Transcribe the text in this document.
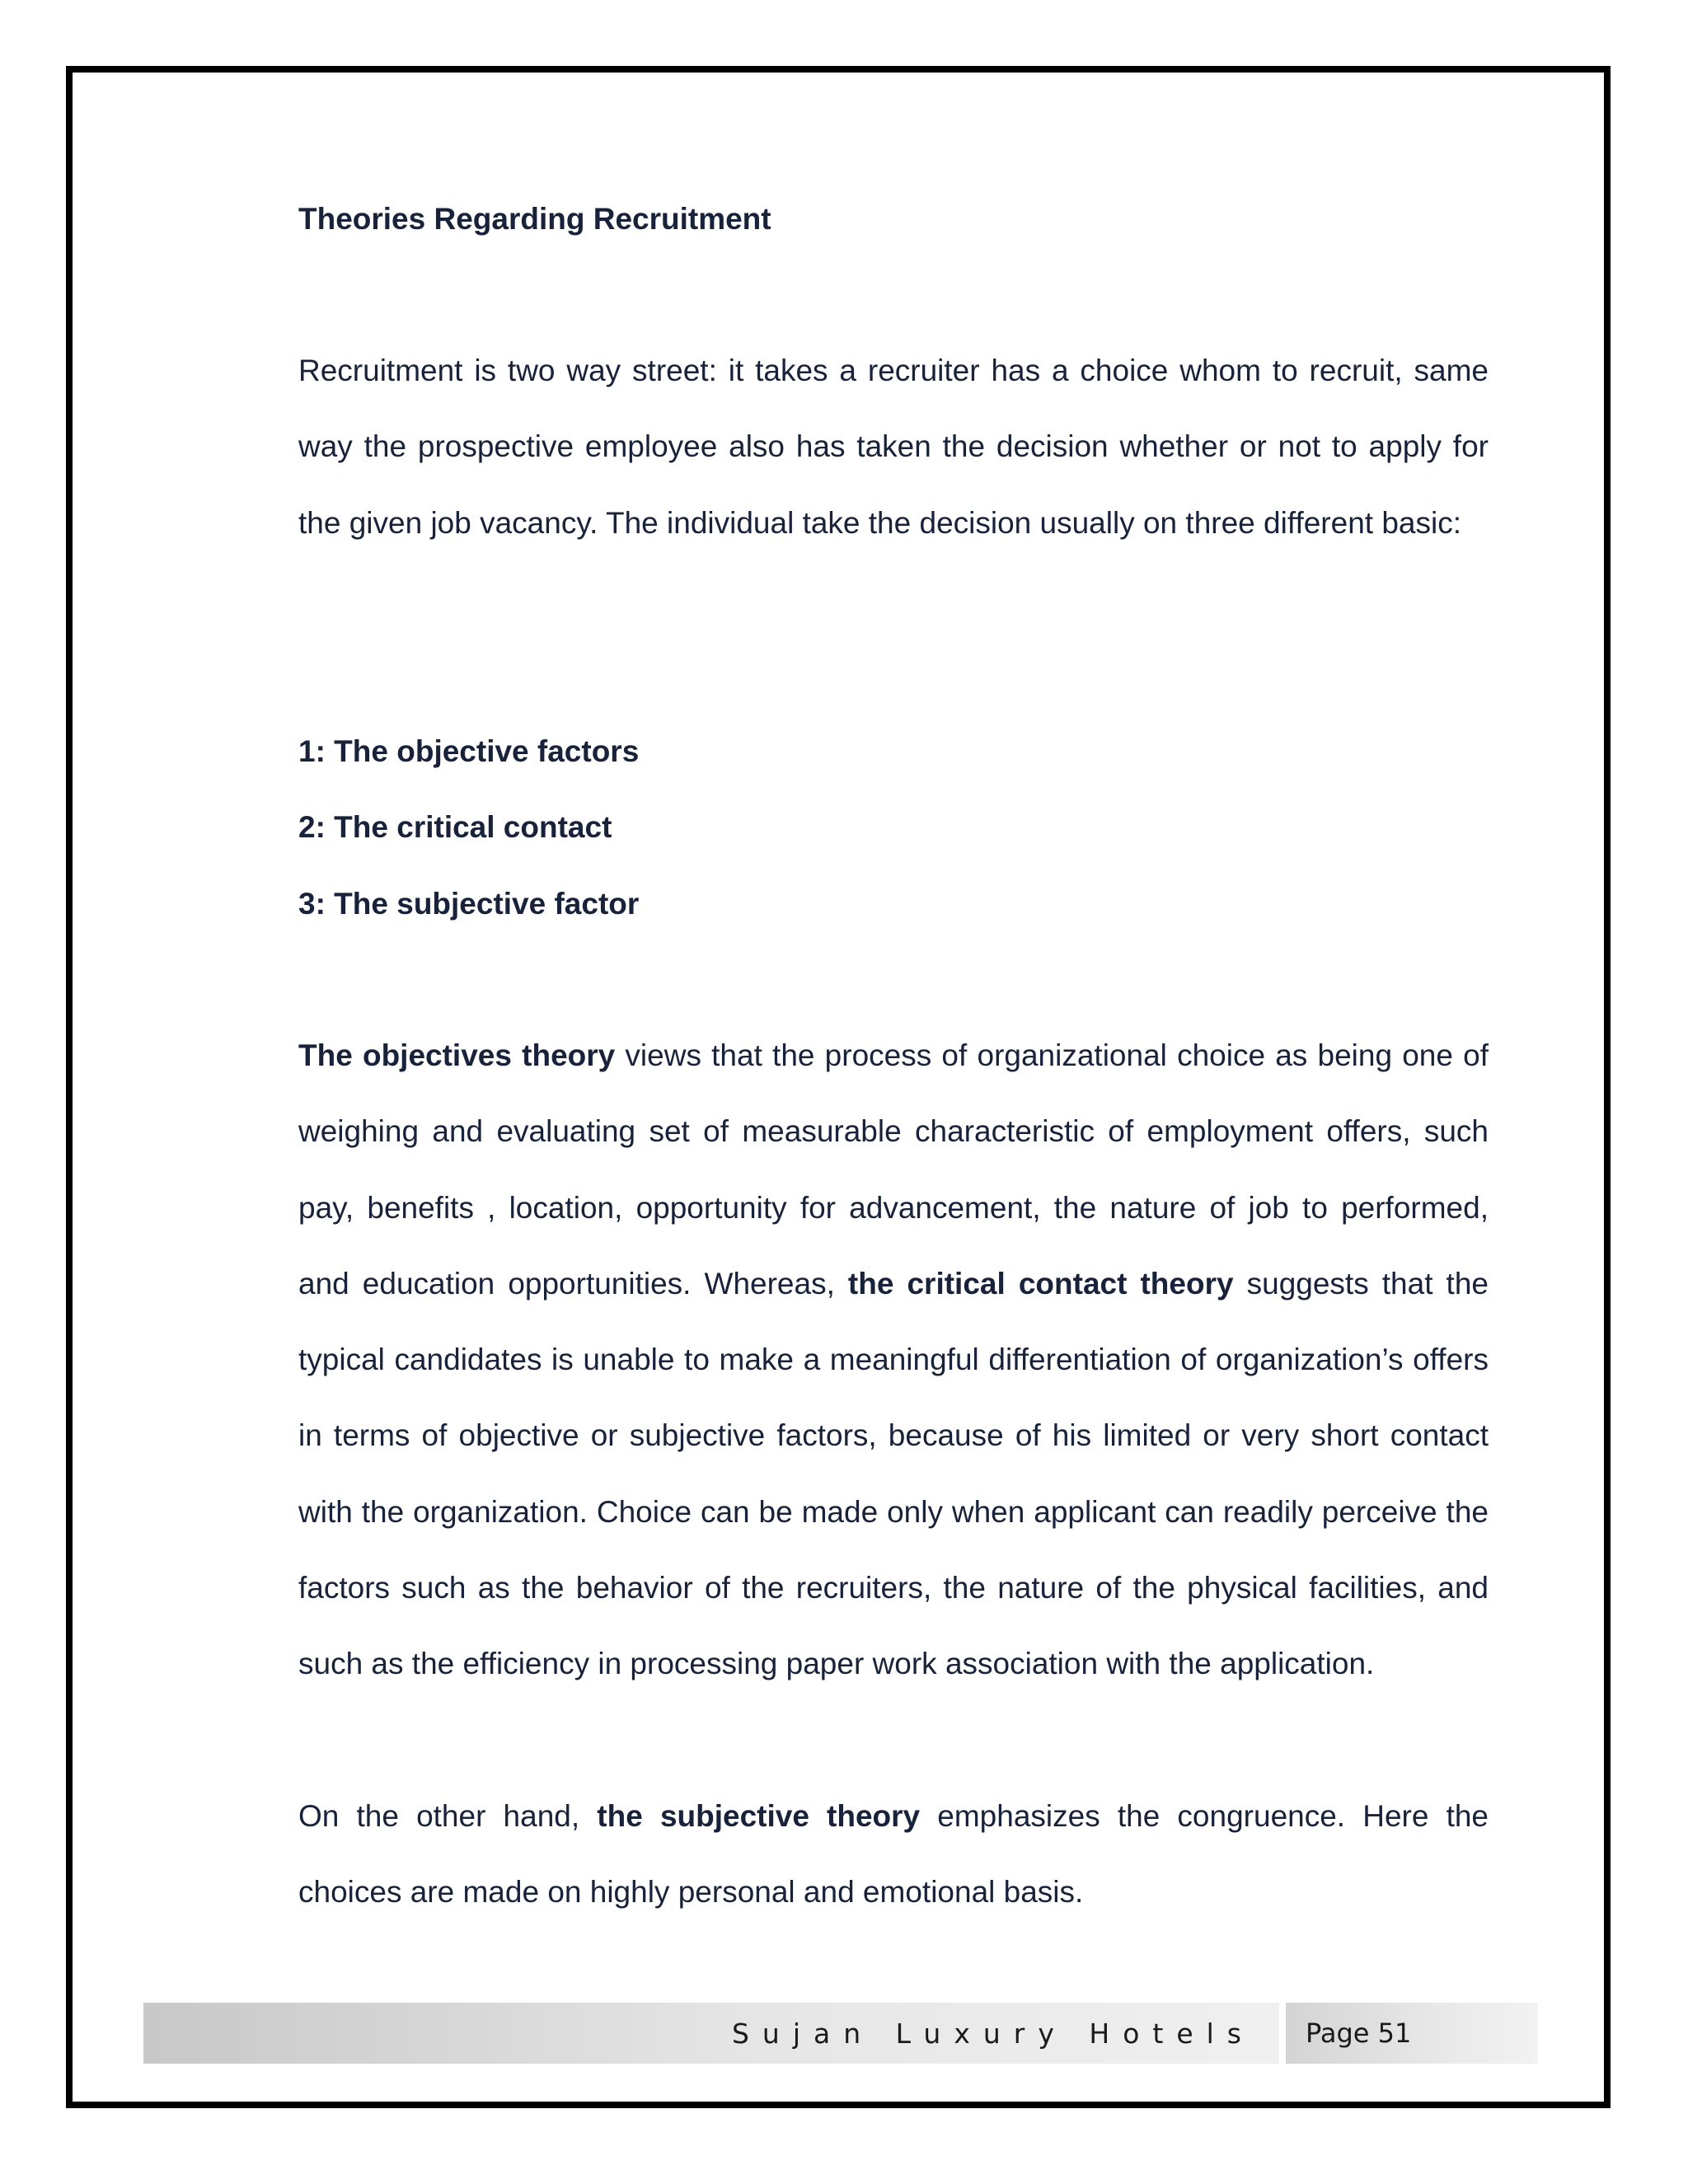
Theories Regarding Recruitment

Recruitment is two way street: it takes a recruiter has a choice whom to recruit, same way the prospective employee also has taken the decision whether or not to apply for the given job vacancy. The individual take the decision usually on three different basic:

1: The objective factors
2: The critical contact
3: The subjective factor

The objectives theory views that the process of organizational choice as being one of weighing and evaluating set of measurable characteristic of employment offers, such pay, benefits , location, opportunity for advancement, the nature of job to performed, and education opportunities. Whereas, the critical contact theory suggests that the typical candidates is unable to make a meaningful differentiation of organization’s offers in terms of objective or subjective factors, because of his limited or very short contact with the organization. Choice can be made only when applicant can readily perceive the factors such as the behavior of the recruiters, the nature of the physical facilities, and such as the efficiency in processing paper work association with the application.

On the other hand, the subjective theory emphasizes the congruence. Here the choices are made on highly personal and emotional basis.

Sujan Luxury Hotels Page 51
